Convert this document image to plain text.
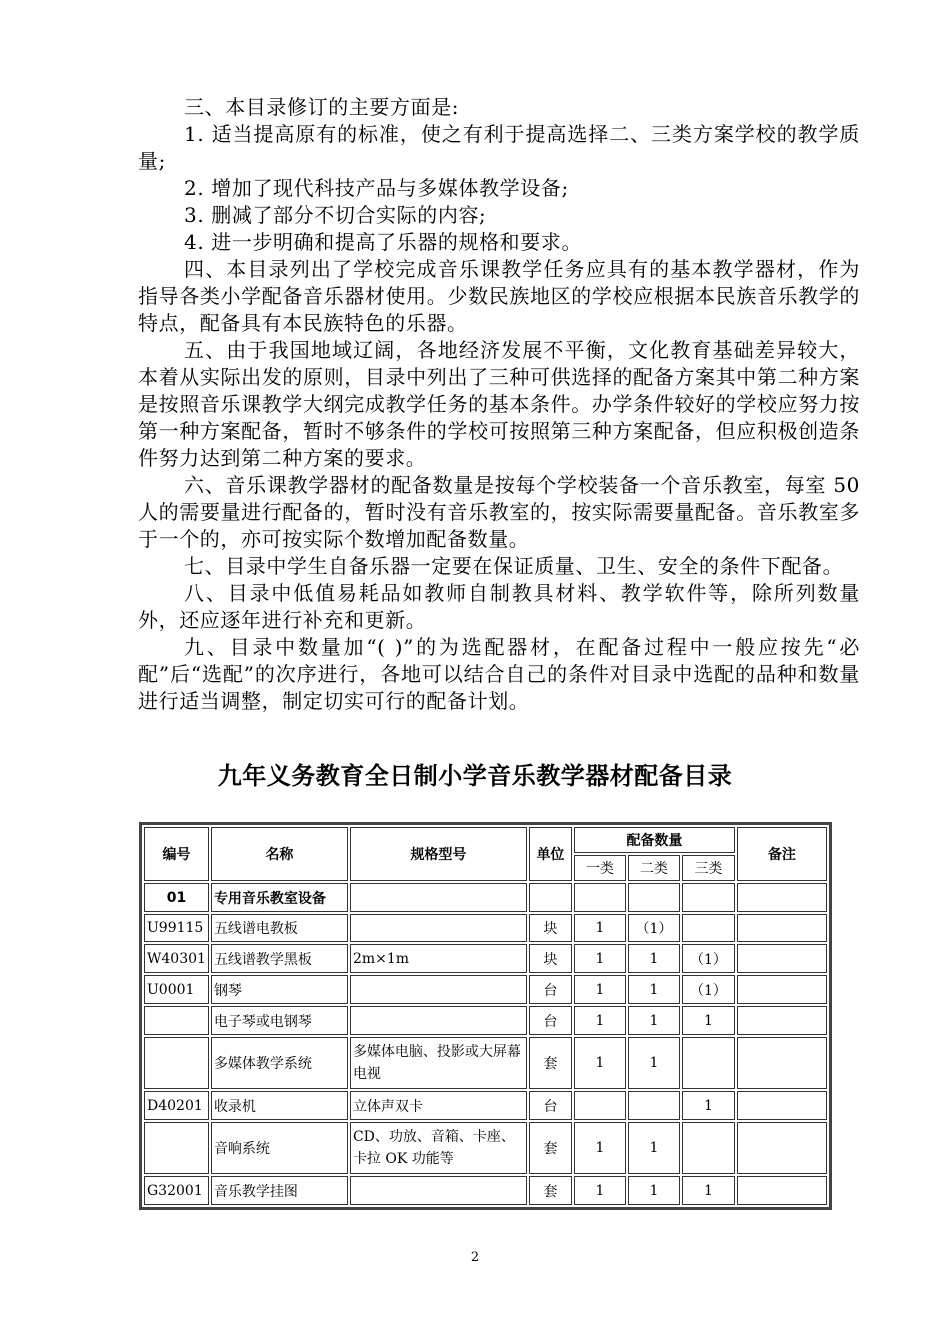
三、本目录修订的主要方面是:

1. 适当提高原有的标准，使之有利于提高选择二、三类方案学校的教学质量;

2. 增加了现代科技产品与多媒体教学设备;

3. 删减了部分不切合实际的内容;

4. 进一步明确和提高了乐器的规格和要求。

四、本目录列出了学校完成音乐课教学任务应具有的基本教学器材，作为指导各类小学配备音乐器材使用。少数民族地区的学校应根据本民族音乐教学的特点，配备具有本民族特色的乐器。

五、由于我国地域辽阔，各地经济发展不平衡，文化教育基础差异较大，本着从实际出发的原则，目录中列出了三种可供选择的配备方案其中第二种方案是按照音乐课教学大纲完成教学任务的基本条件。办学条件较好的学校应努力按第一种方案配备，暂时不够条件的学校可按照第三种方案配备，但应积极创造条件努力达到第二种方案的要求。

六、音乐课教学器材的配备数量是按每个学校装备一个音乐教室，每室 50 人的需要量进行配备的，暂时没有音乐教室的，按实际需要量配备。音乐教室多于一个的，亦可按实际个数增加配备数量。

七、目录中学生自备乐器一定要在保证质量、卫生、安全的条件下配备。

八、目录中低值易耗品如教师自制教具材料、教学软件等，除所列数量外，还应逐年进行补充和更新。

九、目录中数量加“( )”的为选配器材，在配备过程中一般应按先“必配”后“选配”的次序进行，各地可以结合自己的条件对目录中选配的品种和数量进行适当调整，制定切实可行的配备计划。

九年义务教育全日制小学音乐教学器材配备目录
编号	名称	规格型号	单位	配备数量			备注
				一类	二类	三类	
01	专用音乐教室设备						
U99115	五线谱电教板		块	1	（1）		
W40301	五线谱教学黑板	2m×1m	块	1	1	（1）	
U0001	钢琴		台	1	1	（1）	
	电子琴或电钢琴		台	1	1	1	
	多媒体教学系统	多媒体电脑、投影或大屏幕电视	套	1	1		
D40201	收录机	立体声双卡	台			1	
	音响系统	CD、功放、音箱、卡座、卡拉 OK 功能等	套	1	1		
G32001	音乐教学挂图		套	1	1	1	
2
